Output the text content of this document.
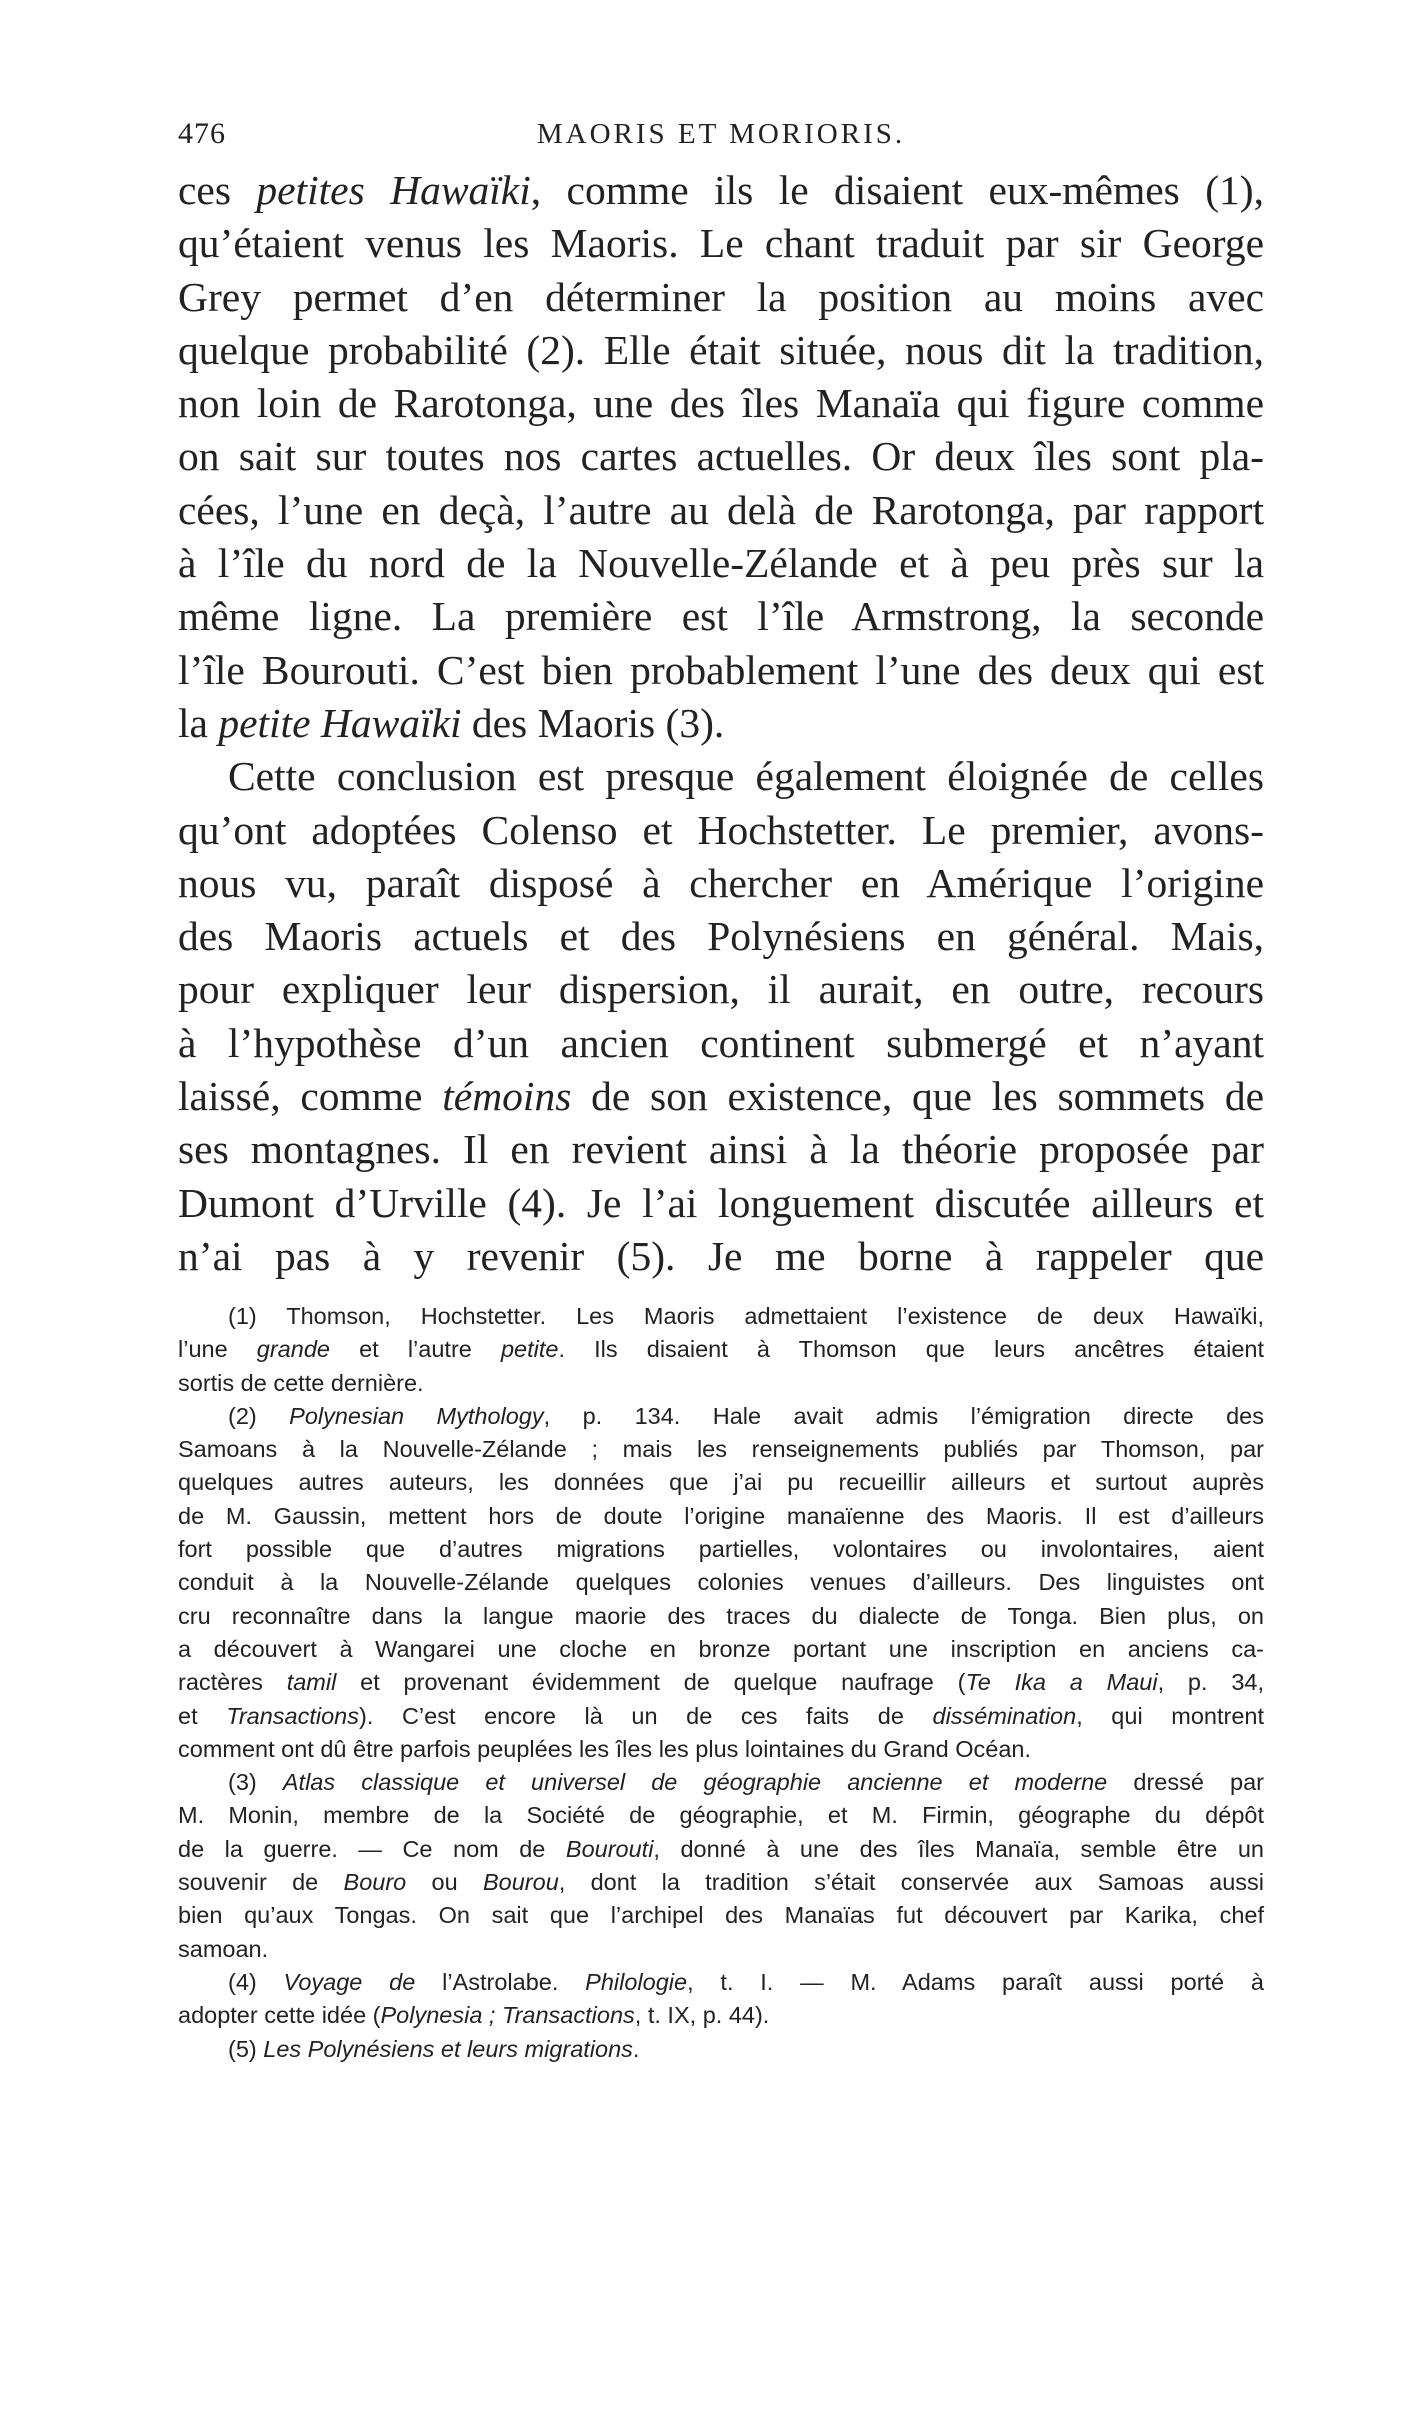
476	MAORIS ET MORIORIS.
ces petites Hawaïki, comme ils le disaient eux-mêmes (1),
qu’étaient venus les Maoris. Le chant traduit par sir George
Grey permet d’en déterminer la position au moins avec
quelque probabilité (2). Elle était située, nous dit la tradition,
non loin de Rarotonga, une des îles Manaïa qui figure comme
on sait sur toutes nos cartes actuelles. Or deux îles sont pla-
cées, l’une en deçà, l’autre au delà de Rarotonga, par rapport
à l’île du nord de la Nouvelle-Zélande et à peu près sur la
même ligne. La première est l’île Armstrong, la seconde
l’île Bourouti. C’est bien probablement l’une des deux qui est
la petite Hawaïki des Maoris (3).
Cette conclusion est presque également éloignée de celles
qu’ont adoptées Colenso et Hochstetter. Le premier, avons-
nous vu, paraît disposé à chercher en Amérique l’origine
des Maoris actuels et des Polynésiens en général. Mais,
pour expliquer leur dispersion, il aurait, en outre, recours
à l’hypothèse d’un ancien continent submergé et n’ayant
laissé, comme témoins de son existence, que les sommets de
ses montagnes. Il en revient ainsi à la théorie proposée par
Dumont d’Urville (4). Je l’ai longuement discutée ailleurs et
n’ai pas à y revenir (5). Je me borne à rappeler que
(1) Thomson, Hochstetter. Les Maoris admettaient l’existence de deux Hawaïki,
l’une grande et l’autre petite. Ils disaient à Thomson que leurs ancêtres étaient
sortis de cette dernière.
(2) Polynesian Mythology, p. 134. Hale avait admis l’émigration directe des
Samoans à la Nouvelle-Zélande ; mais les renseignements publiés par Thomson, par
quelques autres auteurs, les données que j’ai pu recueillir ailleurs et surtout auprès
de M. Gaussin, mettent hors de doute l’origine manaïenne des Maoris. Il est d’ailleurs
fort possible que d’autres migrations partielles, volontaires ou involontaires, aient
conduit à la Nouvelle-Zélande quelques colonies venues d’ailleurs. Des linguistes ont
cru reconnaître dans la langue maorie des traces du dialecte de Tonga. Bien plus, on
a découvert à Wangarei une cloche en bronze portant une inscription en anciens ca-
ractères tamil et provenant évidemment de quelque naufrage (Te Ika a Maui, p. 34,
et Transactions). C’est encore là un de ces faits de dissémination, qui montrent
comment ont dû être parfois peuplées les îles les plus lointaines du Grand Océan.
(3) Atlas classique et universel de géographie ancienne et moderne dressé par
M. Monin, membre de la Société de géographie, et M. Firmin, géographe du dépôt
de la guerre. — Ce nom de Bourouti, donné à une des îles Manaïa, semble être un
souvenir de Bouro ou Bourou, dont la tradition s’était conservée aux Samoas aussi
bien qu’aux Tongas. On sait que l’archipel des Manaïas fut découvert par Karika, chef
samoan.
(4) Voyage de l’Astrolabe. Philologie, t. I. — M. Adams paraît aussi porté à
adopter cette idée (Polynesia ; Transactions, t. IX, p. 44).
(5) Les Polynésiens et leurs migrations.
